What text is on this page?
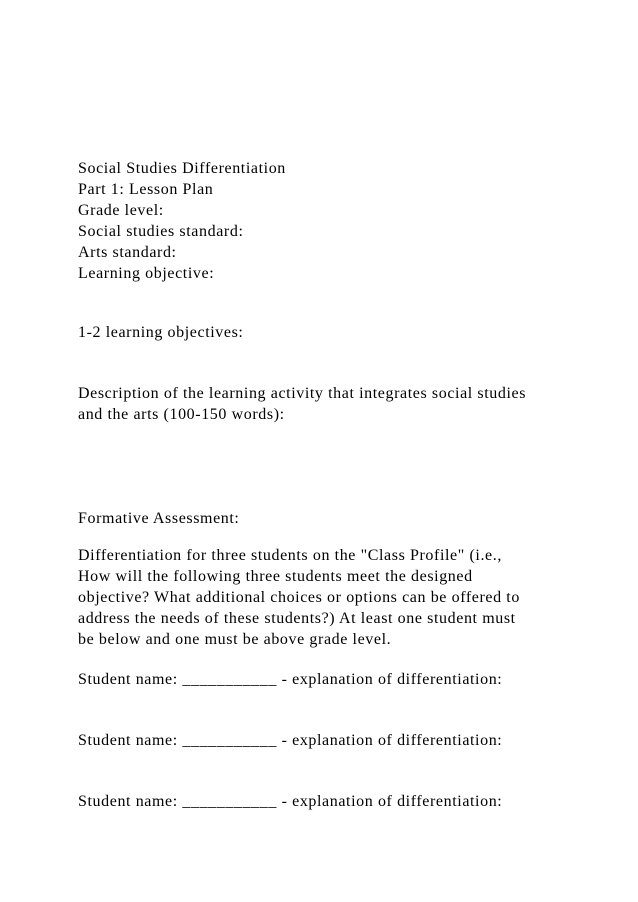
Social Studies Differentiation

Part 1: Lesson Plan

Grade level:

Social studies standard:

Arts standard:

Learning objective:

1-2 learning objectives:

Description of the learning activity that integrates social studies

and the arts (100-150 words):

Formative Assessment:

Differentiation for three students on the "Class Profile" (i.e.,

How will the following three students meet the designed

objective? What additional choices or options can be offered to

address the needs of these students?) At least one student must

be below and one must be above grade level.

Student name: ___________ - explanation of differentiation:

Student name: ___________ - explanation of differentiation:

Student name: ___________ - explanation of differentiation:
